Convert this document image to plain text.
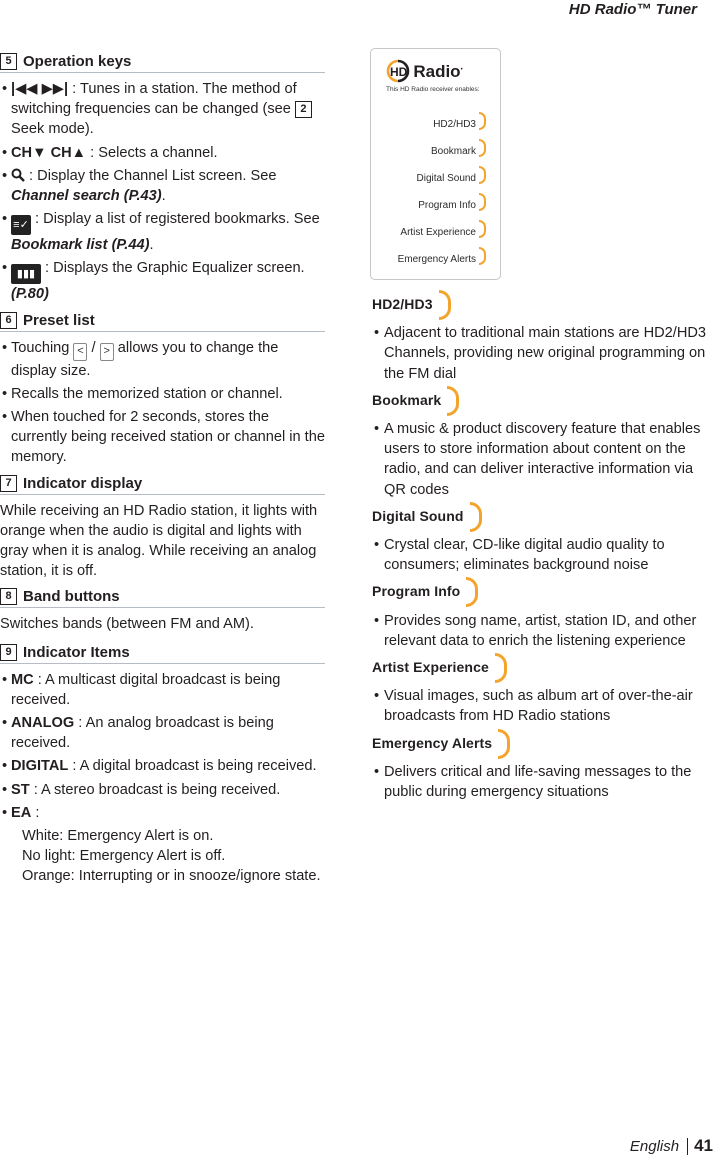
HD Radio™ Tuner
5 Operation keys
• |◀◀ ▶▶| : Tunes in a station. The method of switching frequencies can be changed (see 2 Seek mode).
• CH▼ CH▲ : Selects a channel.
• : Display the Channel List screen. See Channel search (P.43).
• ≡✓ : Display a list of registered bookmarks. See Bookmark list (P.44).
• ▮▮▮ : Displays the Graphic Equalizer screen. (P.80)
6 Preset list
• Touching < / > allows you to change the display size.
• Recalls the memorized station or channel.
• When touched for 2 seconds, stores the currently being received station or channel in the memory.
7 Indicator display
While receiving an HD Radio station, it lights with orange when the audio is digital and lights with gray when it is analog. While receiving an analog station, it is off.
8 Band buttons
Switches bands (between FM and AM).
9 Indicator Items
• MC : A multicast digital broadcast is being received.
• ANALOG : An analog broadcast is being received.
• DIGITAL : A digital broadcast is being received.
• ST : A stereo broadcast is being received.
• EA :
White: Emergency Alert is on.
No light: Emergency Alert is off.
Orange: Interrupting or in snooze/ignore state.
HD Radio•
This HD Radio receiver enables:
HD2/HD3
Bookmark
Digital Sound
Program Info
Artist Experience
Emergency Alerts
HD2/HD3
• Adjacent to traditional main stations are HD2/HD3 Channels, providing new original programming on the FM dial
Bookmark
• A music & product discovery feature that enables users to store information about content on the radio, and can deliver interactive information via QR codes
Digital Sound
• Crystal clear, CD-like digital audio quality to consumers; eliminates background noise
Program Info
• Provides song name, artist, station ID, and other relevant data to enrich the listening experience
Artist Experience
• Visual images, such as album art of over-the-air broadcasts from HD Radio stations
Emergency Alerts
• Delivers critical and life-saving messages to the public during emergency situations
English 41
